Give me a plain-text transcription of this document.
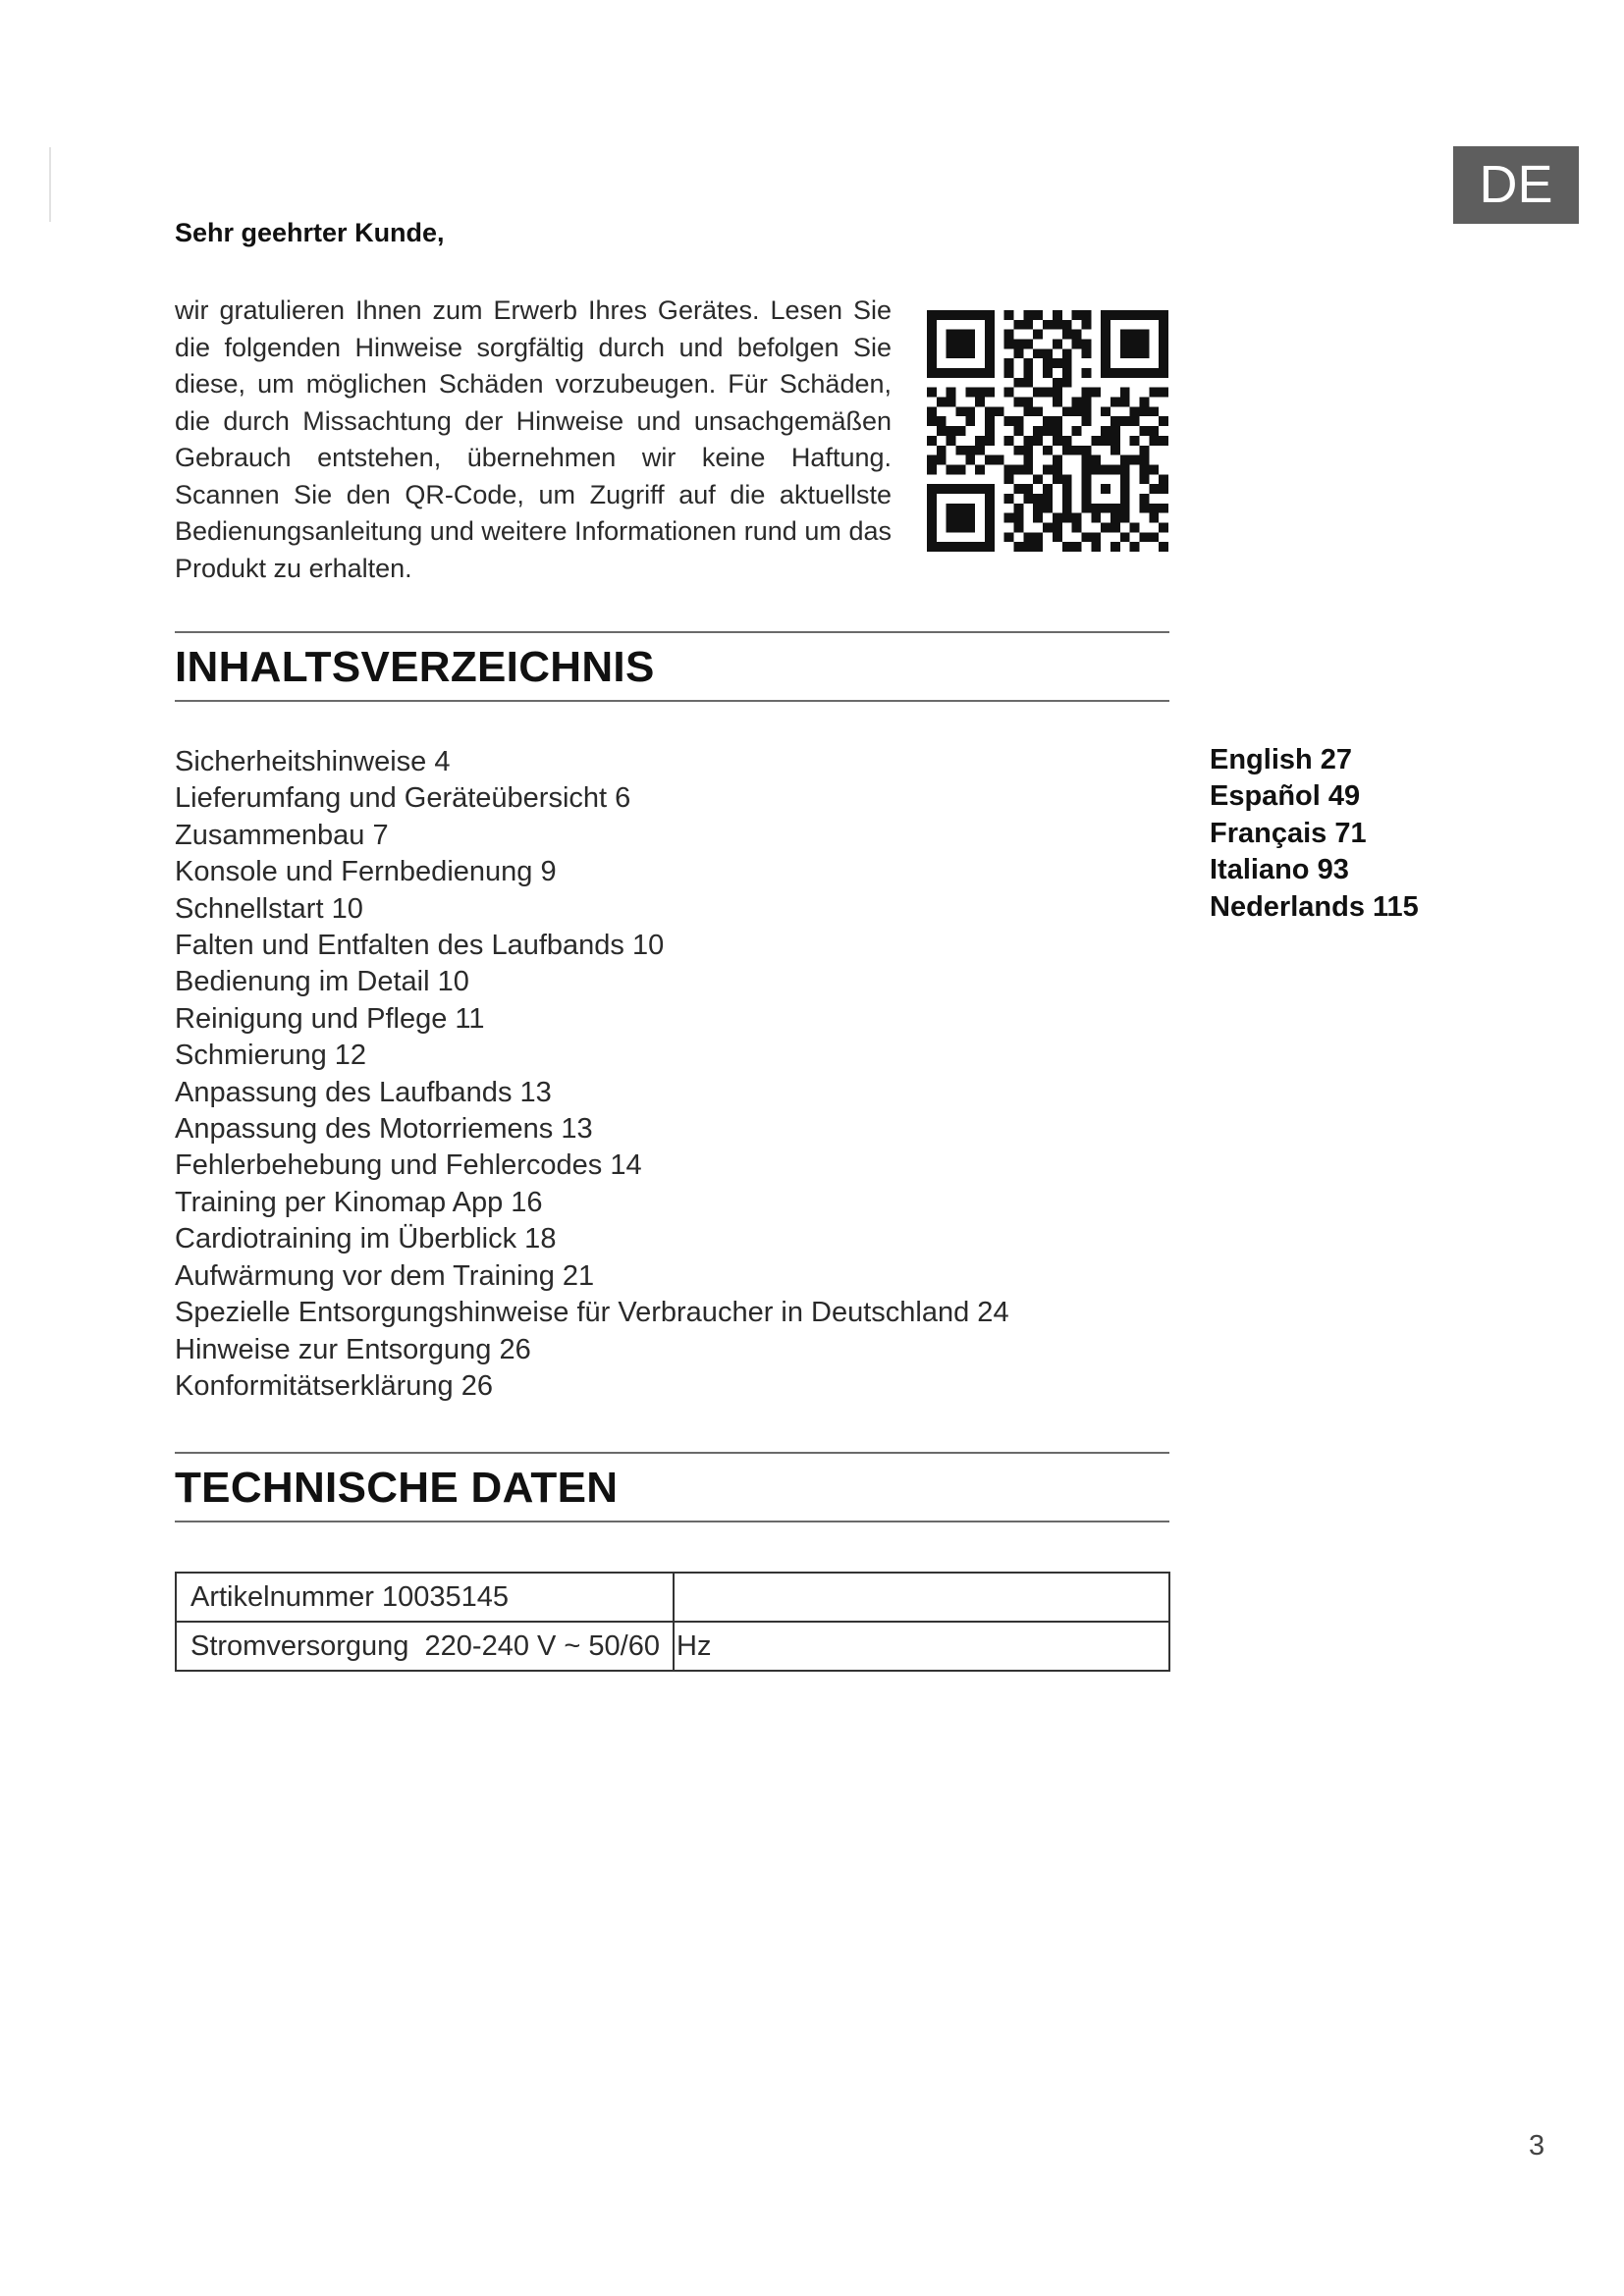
DE
Sehr geehrter Kunde,

wir gratulieren Ihnen zum Erwerb Ihres Gerätes. Lesen Sie die folgenden Hinweise sorgfältig durch und befolgen Sie diese, um möglichen Schäden vorzubeugen. Für Schäden, die durch Missachtung der Hinweise und unsachgemäßen Gebrauch entstehen, übernehmen wir keine Haftung. Scannen Sie den QR-Code, um Zugriff auf die aktuellste Bedienungsanleitung und weitere Informationen rund um das Produkt zu erhalten.

INHALTSVERZEICHNIS
Sicherheitshinweise 4
Lieferumfang und Geräteübersicht 6
Zusammenbau 7
Konsole und Fernbedienung 9
Schnellstart 10
Falten und Entfalten des Laufbands 10
Bedienung im Detail 10
Reinigung und Pflege 11
Schmierung 12
Anpassung des Laufbands 13
Anpassung des Motorriemens 13
Fehlerbehebung und Fehlercodes 14
Training per Kinomap App 16
Cardiotraining im Überblick 18
Aufwärmung vor dem Training 21
Spezielle Entsorgungshinweise für Verbraucher in Deutschland 24
Hinweise zur Entsorgung 26
Konformitätserklärung 26
English 27
Español 49
Français 71
Italiano 93
Nederlands 115
TECHNISCHE DATEN
Artikelnummer 10035145	
Stromversorgung  220-240 V ~ 50/60	Hz
3
